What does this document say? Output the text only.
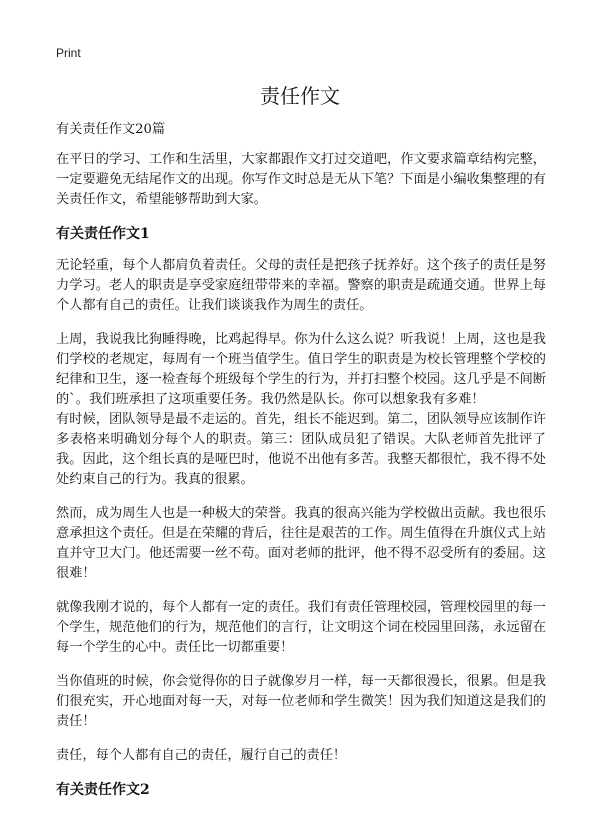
Print
责任作文

有关责任作文20篇

在平日的学习、工作和生活里，大家都跟作文打过交道吧，作文要求篇章结构完整，一定要避免无结尾作文的出现。你写作文时总是无从下笔？下面是小编收集整理的有关责任作文，希望能够帮助到大家。

有关责任作文1

无论轻重，每个人都肩负着责任。父母的责任是把孩子抚养好。这个孩子的责任是努力学习。老人的职责是享受家庭纽带带来的幸福。警察的职责是疏通交通。世界上每个人都有自己的责任。让我们谈谈我作为周生的责任。

上周，我说我比狗睡得晚，比鸡起得早。你为什么这么说？听我说！上周，这也是我们学校的老规定，每周有一个班当值学生。值日学生的职责是为校长管理整个学校的纪律和卫生，逐一检查每个班级每个学生的行为，并打扫整个校园。这几乎是不间断的`。我们班承担了这项重要任务。我仍然是队长。你可以想象我有多难！

有时候，团队领导是最不走运的。首先，组长不能迟到。第二，团队领导应该制作许多表格来明确划分每个人的职责。第三：团队成员犯了错误。大队老师首先批评了我。因此，这个组长真的是哑巴时，他说不出他有多苦。我整天都很忙，我不得不处处约束自己的行为。我真的很累。

然而，成为周生人也是一种极大的荣誉。我真的很高兴能为学校做出贡献。我也很乐意承担这个责任。但是在荣耀的背后，往往是艰苦的工作。周生值得在升旗仪式上站直并守卫大门。他还需要一丝不苟。面对老师的批评，他不得不忍受所有的委屈。这很难！

就像我刚才说的，每个人都有一定的责任。我们有责任管理校园，管理校园里的每一个学生，规范他们的行为，规范他们的言行，让文明这个词在校园里回荡，永远留在每一个学生的心中。责任比一切都重要！

当你值班的时候，你会觉得你的日子就像岁月一样，每一天都很漫长，很累。但是我们很充实，开心地面对每一天，对每一位老师和学生微笑！因为我们知道这是我们的责任！

责任，每个人都有自己的责任，履行自己的责任！

有关责任作文2
